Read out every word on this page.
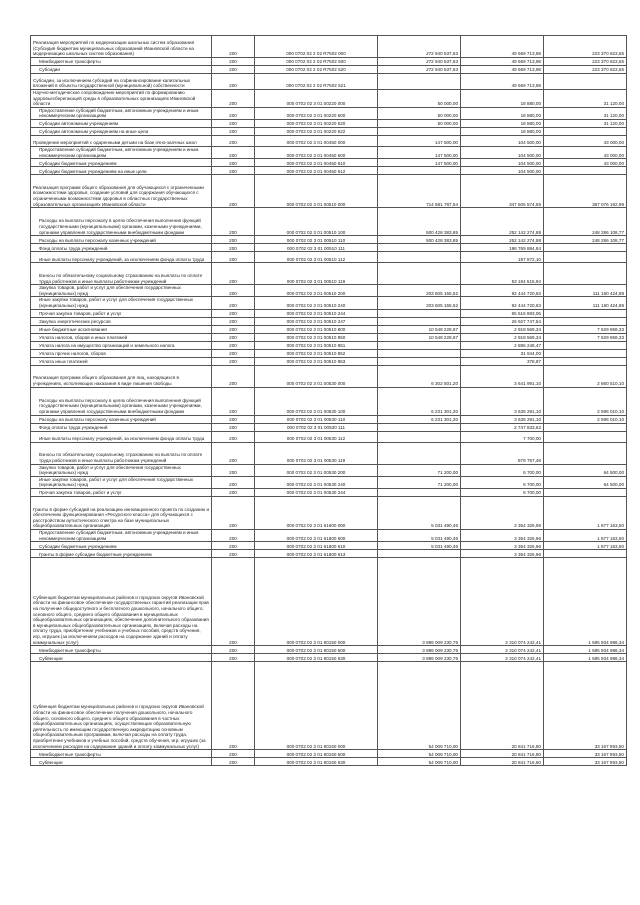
Реализация мероприятий по модернизации школьных систем образования (Субсидия бюджетам муниципальных образований Ивановской области на модернизацию школьных систем образования)	200	000 0702 02 2 02 R7502 000	272 940 537,63	49 569 713,98	223 370 823,65
Межбюджетные трансферты	200	000 0702 02 2 02 R7502 500	272 940 537,63	49 569 713,98	223 370 823,65
Субсидии	200	000 0702 02 2 02 R7502 520	272 940 537,63	49 569 713,98	223 370 823,65
Субсидии, за исключением субсидий на софинансирование капитальных вложений в объекты государственной (муниципальной) собственности	200	000 0702 02 2 02 R7502 521		49 569 713,98	
Научно-методическое сопровождение мероприятий по формированию здоровьесберегающей среды в образовательных организациях Ивановской области	200	000 0702 02 3 01 00220 000	50 000,00	18 880,00	31 120,00
Предоставление субсидий бюджетным, автономным учреждениям и иным некоммерческим организациям	200	000 0702 02 3 01 00220 600	50 000,00	18 880,00	31 120,00
Субсидии автономным учреждениям	200	000 0702 02 3 01 00220 620	50 000,00	18 880,00	31 120,00
Субсидии автономным учреждениям на иные цели	200	000 0702 02 3 01 00220 622		18 880,00	
Проведение мероприятий с одаренными детьми на базе очно-заочных школ	200	000 0702 02 3 01 00450 000	147 500,00	104 500,00	43 000,00
Предоставление субсидий бюджетным, автономным учреждениям и иным некоммерческим организациям	200	000 0702 02 3 01 00450 600	147 500,00	104 500,00	43 000,00
Субсидии бюджетным учреждениям	200	000 0702 02 3 01 00450 610	147 500,00	104 500,00	43 000,00
Субсидии бюджетным учреждениям на иные цели	200	000 0702 02 3 01 00450 612		104 500,00	
Реализация программ общего образования для обучающихся с ограниченными возможностями здоровья, создание условий для содержания обучающихся с ограниченными возможностями здоровья в областных государственных образовательных организациях Ивановской области	200	000 0702 02 3 01 00510 000	714 581 787,54	347 505 574,55	367 076 192,99
Расходы на выплаты персоналу в целях обеспечения выполнения функций государственными (муниципальными) органами, казенными учреждениями, органами управления государственными внебюджетными фондами	200	000 0702 02 3 01 00510 100	500 428 383,85	252 142 274,88	248 286 108,77
Расходы на выплаты персоналу казенных учреждений	200	000 0702 02 3 01 00510 110	500 428 383,85	252 142 274,88	248 286 108,77
Фонд оплаты труда учреждений	200	000 0702 02 3 01 00510 111		198 769 884,84	
Иные выплаты персоналу учреждений, за исключением фонда оплаты труда	200	000 0702 02 3 01 00510 112		187 872,10	
Взносы по обязательному социальному страхованию на выплаты по оплате труда работников и иные выплаты работникам учреждений	200	000 0702 02 3 01 00510 119		53 184 515,94	
Закупка товаров, работ и услуг для обеспечения государственных (муниципальных) нужд	200	000 0702 02 3 01 00510 200	203 605 155,52	92 444 720,63	111 160 424,89
Иные закупки товаров, работ и услуг для обеспечения государственных (муниципальных) нужд	200	000 0702 02 3 01 00510 240	203 605 155,52	92 444 720,63	111 160 424,89
Прочая закупка товаров, работ и услуг	200	000 0702 02 3 01 00510 244		65 516 983,06	
Закупка энергетических ресурсов	200	000 0702 02 3 01 00510 247		26 927 747,54	
Иные бюджетные ассигнования	200	000 0702 02 3 01 00510 800	10 548 228,67	2 918 569,34	7 629 659,33
Уплата налогов, сборов и иных платежей	200	000 0702 02 3 01 00510 850	10 548 228,67	2 918 569,34	7 629 659,33
Уплата налога на имущество организаций и земельного налога	200	000 0702 02 3 01 00510 851		2 886 246,47	
Уплата прочих налогов, сборов	200	000 0702 02 3 01 00510 852		31 944,00	
Уплата иных платежей	200	000 0702 02 3 01 00510 853		378,87	
Реализация программ общего образования для лиц, находящихся в учреждениях, исполняющих наказания в виде лишения свободы	200	000 0702 02 3 01 00530 000	6 302 501,20	3 641 991,10	2 660 510,10
Расходы на выплаты персоналу в целях обеспечения выполнения функций государственными (муниципальными) органами, казенными учреждениями, органами управления государственными внебюджетными фондами	200	000 0702 02 3 01 00530 100	6 231 301,20	3 635 291,10	2 596 010,10
Расходы на выплаты персоналу казенных учреждений	200	000 0702 02 3 01 00530 110	6 231 301,20	3 635 291,10	2 596 010,10
Фонд оплаты труда учреждений	200	000 0702 02 3 01 00530 111		2 747 833,62	
Иные выплаты персоналу учреждений, за исключением фонда оплаты труда	200	000 0702 02 3 01 00530 112		7 700,00	
Взносы по обязательному социальному страхованию на выплаты по оплате труда работников и иные выплаты работникам учреждений	200	000 0702 02 3 01 00530 119		879 757,48	
Закупка товаров, работ и услуг для обеспечения государственных (муниципальных) нужд	200	000 0702 02 3 01 00530 200	71 200,00	6 700,00	64 500,00
Иные закупки товаров, работ и услуг для обеспечения государственных (муниципальных) нужд	200	000 0702 02 3 01 00530 240	71 200,00	6 700,00	64 500,00
Прочая закупка товаров, работ и услуг	200	000 0702 02 3 01 00530 244		6 700,00	
Гранты в форме субсидий на реализацию инновационного проекта по созданию и обеспечению функционирования «Ресурсного класса» для обучающихся с расстройством аутистического спектра на базе муниципальных общеобразовательных организаций	200	000 0702 02 3 01 61600 000	5 031 490,46	3 354 326,96	1 677 163,50
Предоставление субсидий бюджетным, автономным учреждениям и иным некоммерческим организациям	200	000 0702 02 3 01 61600 600	5 031 490,46	3 354 326,96	1 677 163,50
Субсидии бюджетным учреждениям	200	000 0702 02 3 01 61600 610	5 031 490,46	3 354 326,96	1 677 163,50
Гранты в форме субсидии бюджетным учреждениям	200	000 0702 02 3 01 61600 613		3 354 326,96	
Субвенция бюджетам муниципальных районов и городских округов Ивановской области на финансовое обеспечение государственных гарантий реализации прав на получение общедоступного и бесплатного дошкольного, начального общего, основного общего, среднего общего образования в муниципальных общеобразовательных организациях, обеспечение дополнительного образования в муниципальных общеобразовательных организациях, включая расходы на оплату труда, приобретение учебников и учебных пособий, средств обучения, игр, игрушек (за исключением расходов на содержание зданий и оплату коммунальных услуг)	200	000 0702 02 3 01 80150 000	3 896 009 230,75	2 310 074 242,41	1 585 934 988,34
Межбюджетные трансферты	200	000 0702 02 3 01 80150 500	3 896 009 230,75	2 310 074 242,41	1 585 934 988,34
Субвенции	200	000 0702 02 3 01 80150 530	3 896 009 230,75	2 310 074 242,41	1 585 934 988,34
Субвенция бюджетам муниципальных районов и городских округов Ивановской области на финансовое обеспечение получения дошкольного, начального общего, основного общего, среднего общего образования в частных общеобразовательных организациях, осуществляющих образовательную деятельность по имеющим государственную аккредитацию основным общеобразовательным программам, включая расходы на оплату труда, приобретение учебников и учебных пособий, средств обучения, игр, игрушек (за исключением расходов на содержание зданий и оплату коммунальных услуг)	200	000 0702 02 3 01 80160 000	54 009 710,00	20 841 716,50	33 167 993,50
Межбюджетные трансферты	200	000 0702 02 3 01 80160 500	54 009 710,00	20 841 716,50	33 167 993,50
Субвенции	200	000 0702 02 3 01 80160 530	54 009 710,00	20 841 716,50	33 167 993,50
